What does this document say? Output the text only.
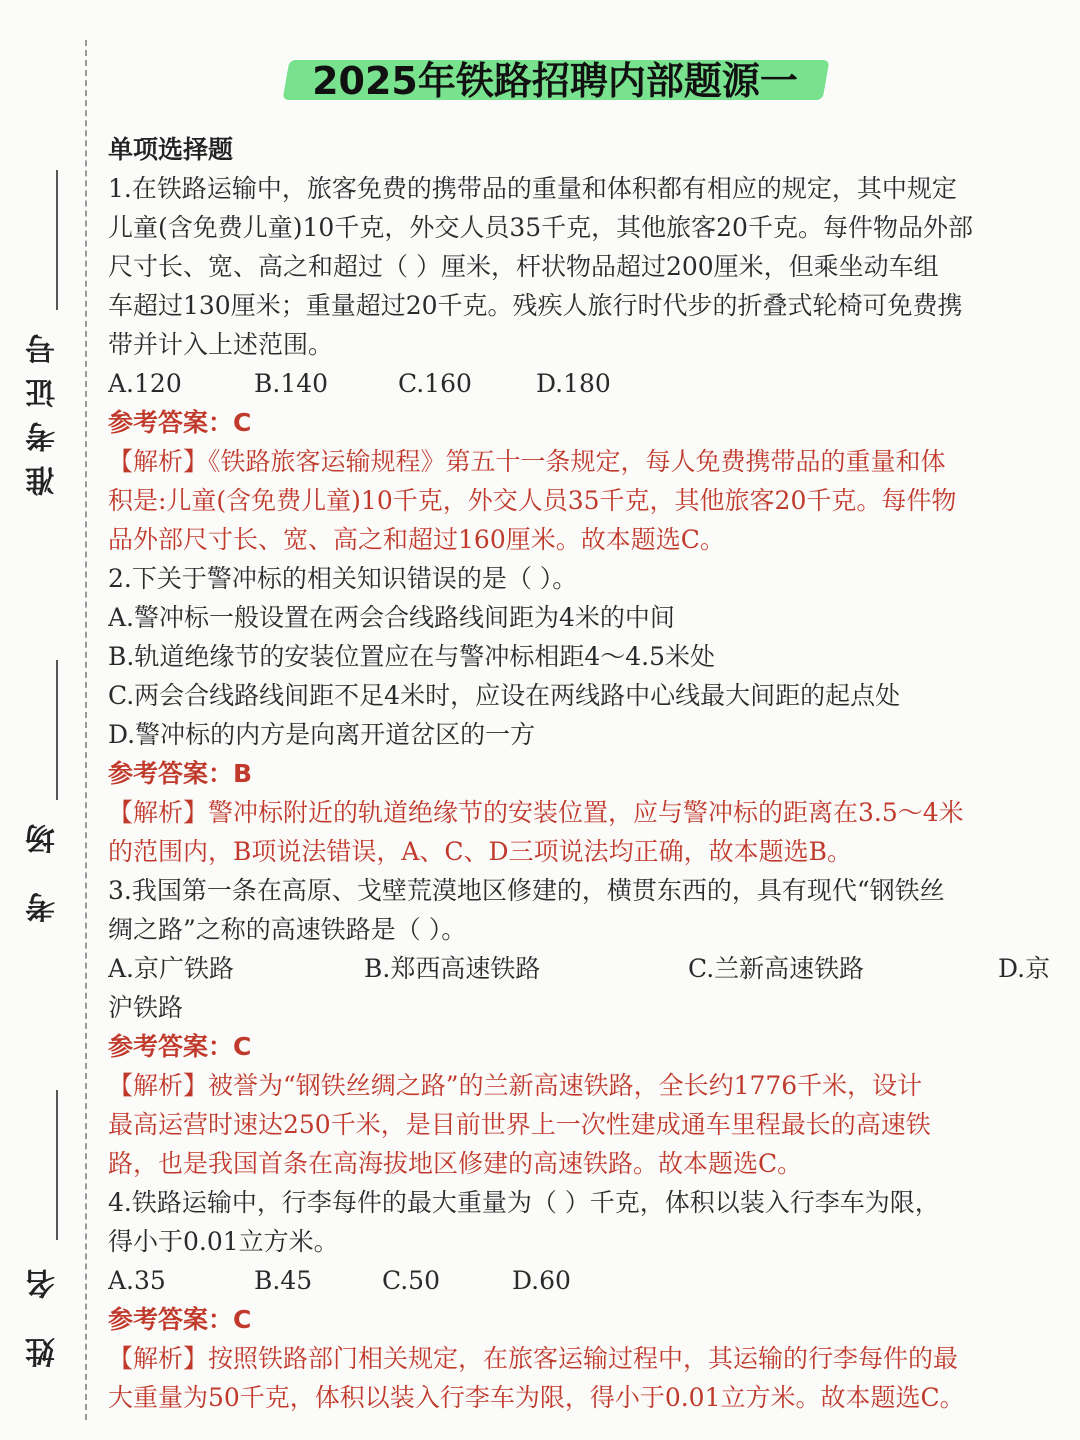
准考证号
考 场
姓 名
2025年铁路招聘内部题源一

单项选择题

1.在铁路运输中，旅客免费的携带品的重量和体积都有相应的规定，其中规定

儿童(含免费儿童)10千克，外交人员35千克，其他旅客20千克。每件物品外部

尺寸长、宽、高之和超过（ ）厘米，杆状物品超过200厘米，但乘坐动车组

车超过130厘米；重量超过20千克。残疾人旅行时代步的折叠式轮椅可免费携

带并计入上述范围。

A.120	B.140	C.160	D.180

参考答案：C

【解析】《铁路旅客运输规程》第五十一条规定，每人免费携带品的重量和体

积是:儿童(含免费儿童)10千克，外交人员35千克，其他旅客20千克。每件物

品外部尺寸长、宽、高之和超过160厘米。故本题选C。

2.下关于警冲标的相关知识错误的是（ ）。

A.警冲标一般设置在两会合线路线间距为4米的中间

B.轨道绝缘节的安装位置应在与警冲标相距4～4.5米处

C.两会合线路线间距不足4米时，应设在两线路中心线最大间距的起点处

D.警冲标的内方是向离开道岔区的一方

参考答案：B

【解析】警冲标附近的轨道绝缘节的安装位置，应与警冲标的距离在3.5～4米

的范围内，B项说法错误，A、C、D三项说法均正确，故本题选B。

3.我国第一条在高原、戈壁荒漠地区修建的，横贯东西的，具有现代“钢铁丝

绸之路”之称的高速铁路是（ ）。

A.京广铁路	B.郑西高速铁路	C.兰新高速铁路	D.京

沪铁路

参考答案：C

【解析】被誉为“钢铁丝绸之路”的兰新高速铁路，全长约1776千米，设计

最高运营时速达250千米，是目前世界上一次性建成通车里程最长的高速铁

路，也是我国首条在高海拔地区修建的高速铁路。故本题选C。

4.铁路运输中，行李每件的最大重量为（ ）千克，体积以装入行李车为限，

得小于0.01立方米。

A.35	B.45	C.50	D.60

参考答案：C

【解析】按照铁路部门相关规定，在旅客运输过程中，其运输的行李每件的最

大重量为50千克，体积以装入行李车为限，得小于0.01立方米。故本题选C。
